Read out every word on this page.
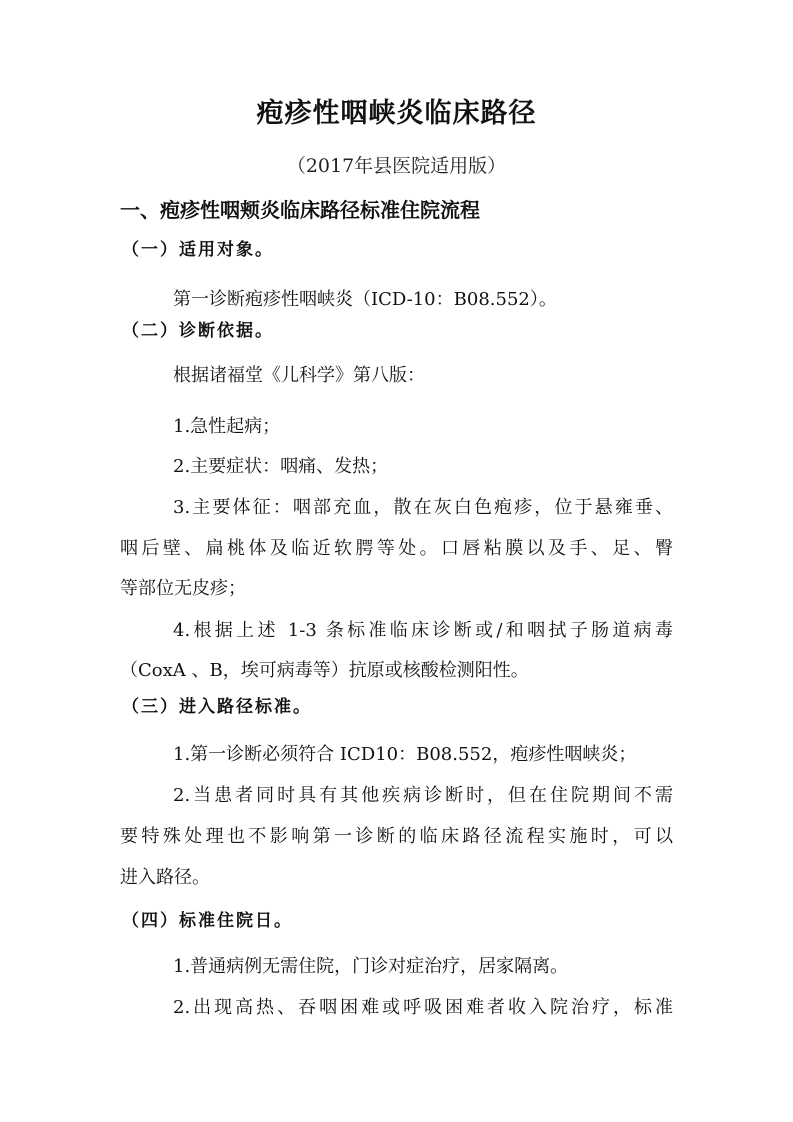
疱疹性咽峡炎临床路径
（2017年县医院适用版）
一、疱疹性咽颊炎临床路径标准住院流程
（一）适用对象。
第一诊断疱疹性咽峡炎（ICD-10：B08.552）。
（二）诊断依据。
根据诸福堂《儿科学》第八版：
1.急性起病；
2.主要症状：咽痛、发热；
3.主要体征：咽部充血，散在灰白色疱疹，位于悬雍垂、
咽后壁、扁桃体及临近软腭等处。口唇粘膜以及手、足、臀
等部位无皮疹；
4.根据上述 1-3 条标准临床诊断或/和咽拭子肠道病毒
（CoxA 、B，埃可病毒等）抗原或核酸检测阳性。
（三）进入路径标准。
1.第一诊断必须符合 ICD10：B08.552，疱疹性咽峡炎；
2.当患者同时具有其他疾病诊断时，但在住院期间不需
要特殊处理也不影响第一诊断的临床路径流程实施时，可以
进入路径。
（四）标准住院日。
1.普通病例无需住院，门诊对症治疗，居家隔离。
2.出现高热、吞咽困难或呼吸困难者收入院治疗，标准
